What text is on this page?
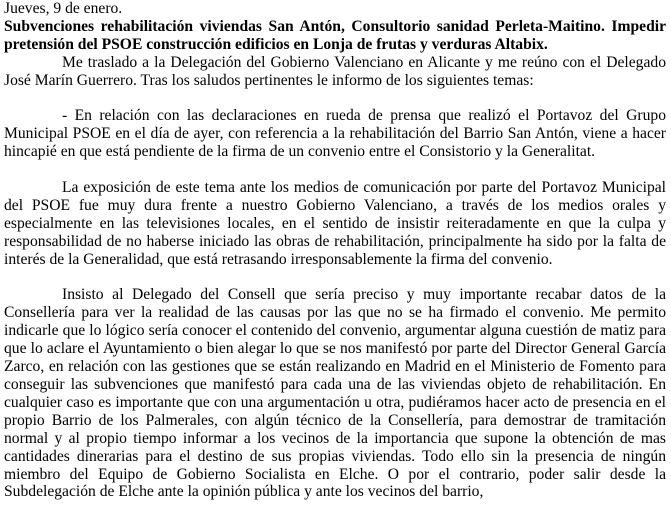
Jueves, 9 de enero.

Subvenciones rehabilitación viviendas San Antón, Consultorio sanidad Perleta-Maitino. Impedir pretensión del PSOE construcción edificios en Lonja de frutas y verduras Altabix.

Me traslado a la Delegación del Gobierno Valenciano en Alicante y me reúno con el Delegado José Marín Guerrero. Tras los saludos pertinentes le informo de los siguientes temas:

- En relación con las declaraciones en rueda de prensa que realizó el Portavoz del Grupo Municipal PSOE en el día de ayer, con referencia a la rehabilitación del Barrio San Antón, viene a hacer hincapié en que está pendiente de la firma de un convenio entre el Consistorio y la Generalitat.

La exposición de este tema ante los medios de comunicación por parte del Portavoz Municipal del PSOE fue muy dura frente a nuestro Gobierno Valenciano, a través de los medios orales y especialmente en las televisiones locales, en el sentido de insistir reiteradamente en que la culpa y responsabilidad de no haberse iniciado las obras de rehabilitación, principalmente ha sido por la falta de interés de la Generalidad, que está retrasando irresponsablemente la firma del convenio.

Insisto al Delegado del Consell que sería preciso y muy importante recabar datos de la Consellería para ver la realidad de las causas por las que no se ha firmado el convenio. Me permito indicarle que lo lógico sería conocer el contenido del convenio, argumentar alguna cuestión de matiz para que lo aclare el Ayuntamiento o bien alegar lo que se nos manifestó por parte del Director General García Zarco, en relación con las gestiones que se están realizando en Madrid en el Ministerio de Fomento para conseguir las subvenciones que manifestó para cada una de las viviendas objeto de rehabilitación. En cualquier caso es importante que con una argumentación u otra, pudiéramos hacer acto de presencia en el propio Barrio de los Palmerales, con algún técnico de la Consellería, para demostrar de tramitación normal y al propio tiempo informar a los vecinos de la importancia que supone la obtención de mas cantidades dinerarias para el destino de sus propias viviendas. Todo ello sin la presencia de ningún miembro del Equipo de Gobierno Socialista en Elche. O por el contrario, poder salir desde la Subdelegación de Elche ante la opinión pública y ante los vecinos del barrio,
